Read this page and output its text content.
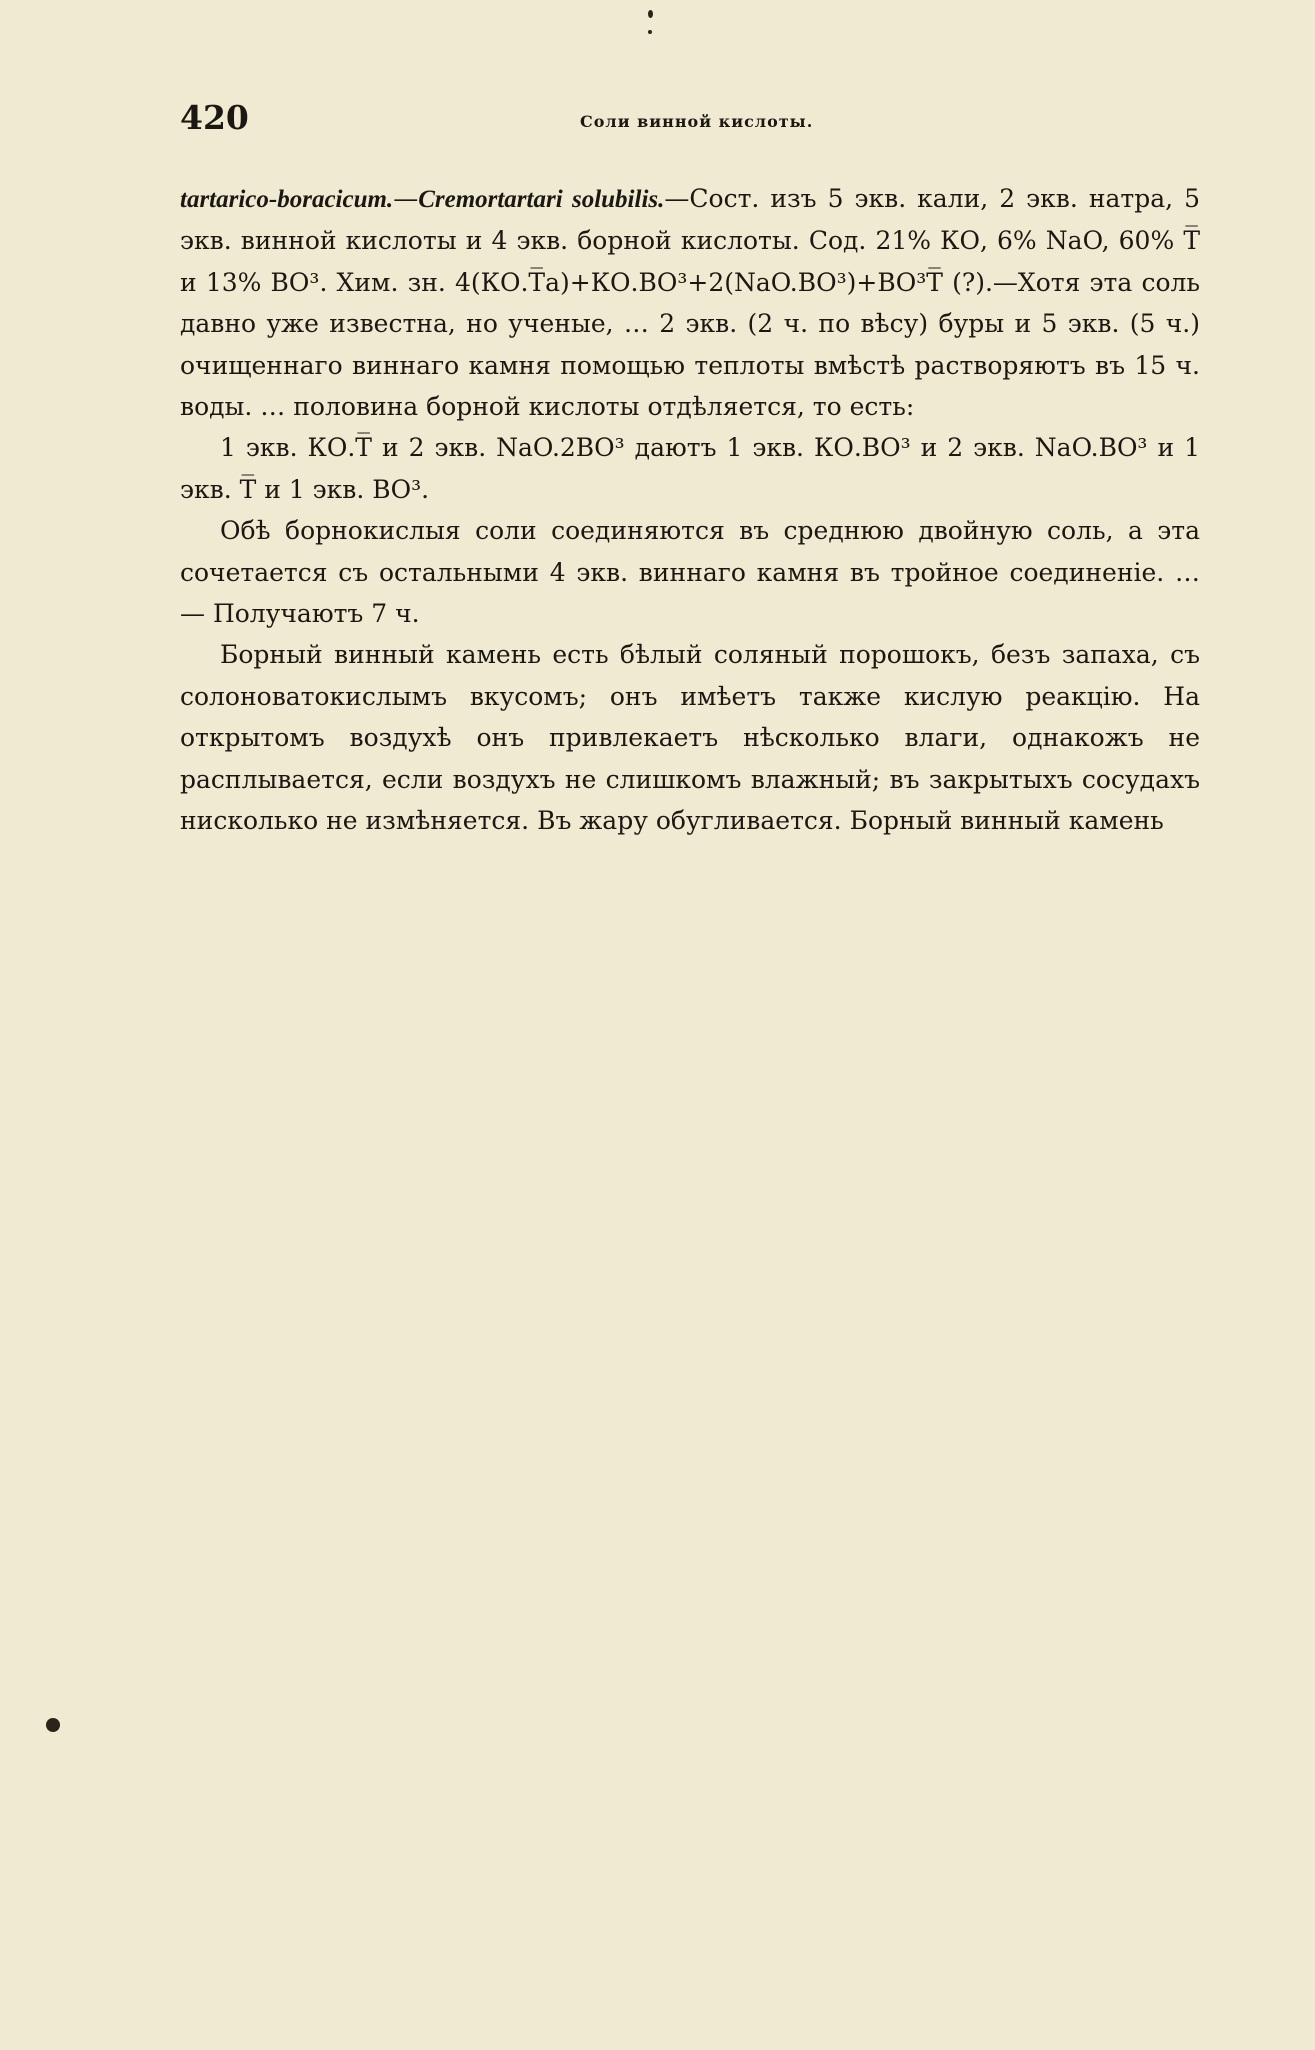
420	Соли винной кислоты.

tartarico-boracicum.—Cremortartari solubilis.—Сост. изъ 5 экв. кали, 2 экв. натра, 5 экв. винной кислоты и 4 экв. борной кислоты. Сод. 21% КО, 6% NaO, 60% T̅ и 13% ВО³. Хим. зн. 4(КО.T̅a)+КО.ВО³+2(NaO.ВО³)+ВО³T̅ (?).—Хотя эта соль давно уже известна, но ученые, … 2 экв. (2 ч. по вѣсу) буры и 5 экв. (5 ч.) очищеннаго виннаго камня помощью теплоты вмѣстѣ растворяютъ въ 15 ч. воды. … половина борной кислоты отдѣляется, то есть:

1 экв. КО.T̅ и 2 экв. NaO.2ВО³ даютъ 1 экв. КО.ВО³ и 2 экв. NaO.ВО³ и 1 экв. T̅ и 1 экв. ВО³.

Обѣ борнокислыя соли соединяются въ среднюю двойную соль, а эта сочетается съ остальными 4 экв. виннаго камня въ тройное соединеніе. … — Получаютъ 7 ч.

Борный винный камень есть бѣлый соляный порошокъ, безъ запаха, съ солоноватокислымъ вкусомъ; онъ имѣетъ также кислую реакцію. На открытомъ воздухѣ онъ привлекаетъ нѣсколько влаги, однакожъ не расплывается, если воздухъ не слишкомъ влажный; въ закрытыхъ сосудахъ нисколько не измѣняется. Въ жару обугливается. Борный винный камень
